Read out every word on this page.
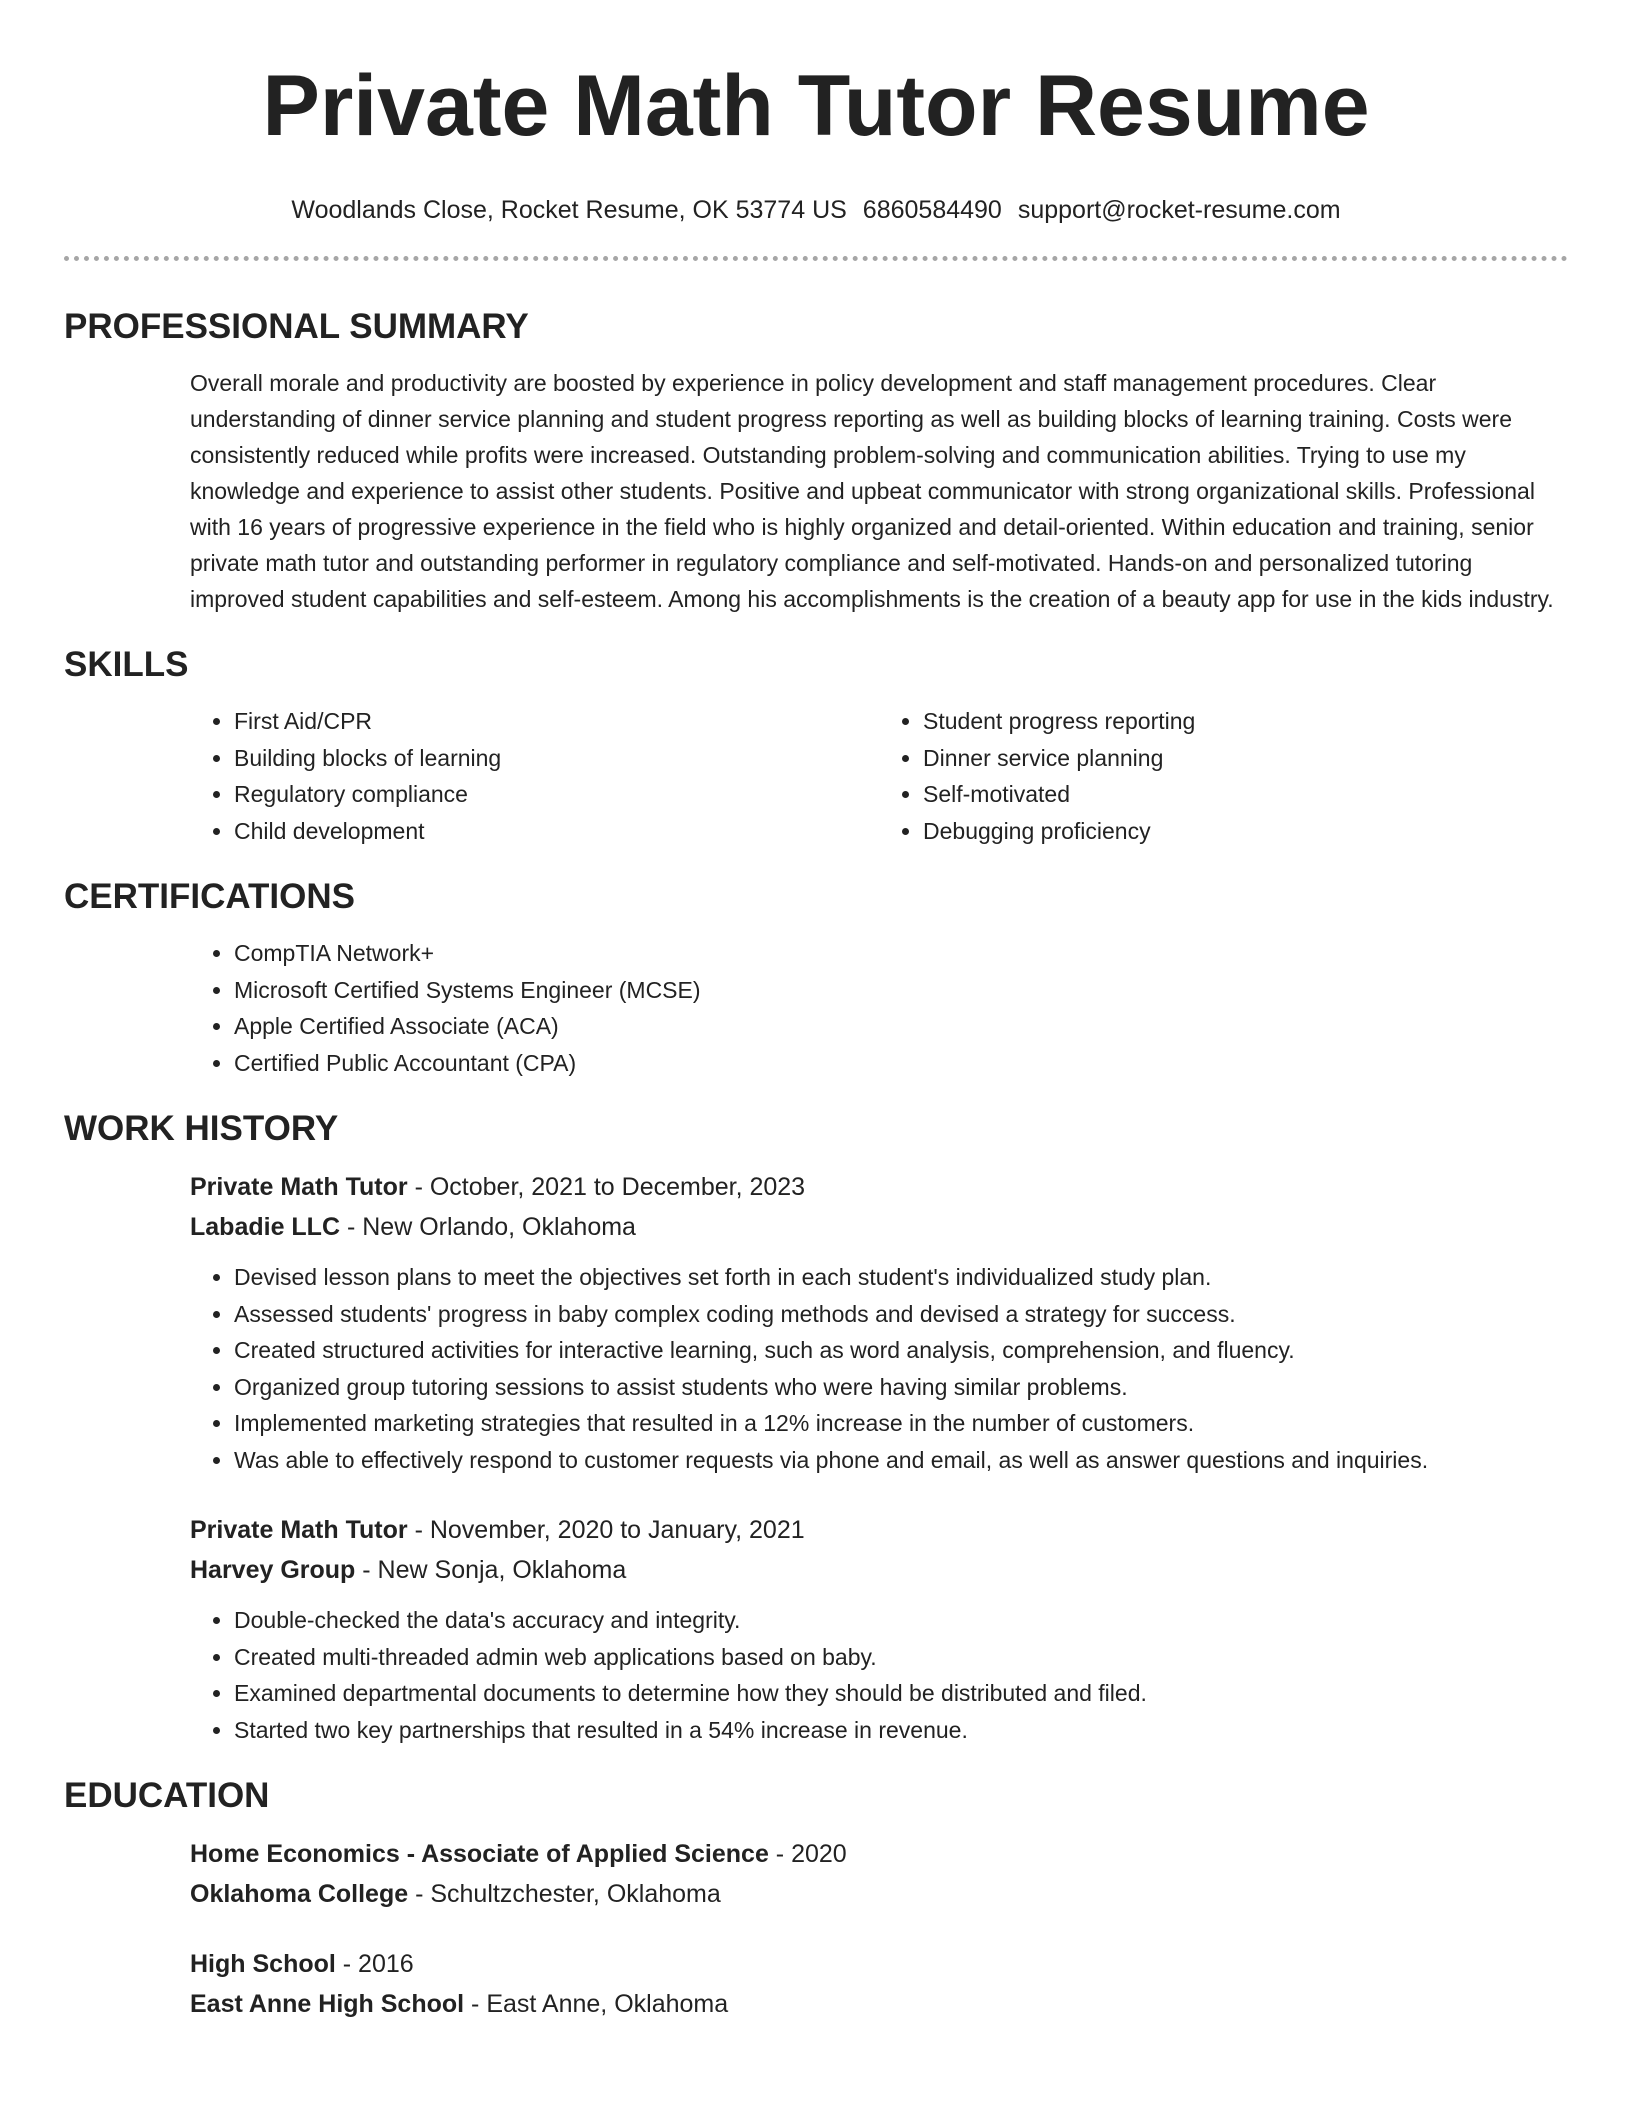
Private Math Tutor Resume
Woodlands Close, Rocket Resume, OK 53774 US 6860584490 support@rocket-resume.com
PROFESSIONAL SUMMARY

Overall morale and productivity are boosted by experience in policy development and staff management procedures. Clear understanding of dinner service planning and student progress reporting as well as building blocks of learning training. Costs were consistently reduced while profits were increased. Outstanding problem-solving and communication abilities. Trying to use my knowledge and experience to assist other students. Positive and upbeat communicator with strong organizational skills. Professional with 16 years of progressive experience in the field who is highly organized and detail-oriented. Within education and training, senior private math tutor and outstanding performer in regulatory compliance and self-motivated. Hands-on and personalized tutoring improved student capabilities and self-esteem. Among his accomplishments is the creation of a beauty app for use in the kids industry.

SKILLS
• First Aid/CPR
• Building blocks of learning
• Regulatory compliance
• Child development
• Student progress reporting
• Dinner service planning
• Self-motivated
• Debugging proficiency
CERTIFICATIONS
• CompTIA Network+
• Microsoft Certified Systems Engineer (MCSE)
• Apple Certified Associate (ACA)
• Certified Public Accountant (CPA)
WORK HISTORY
Private Math Tutor - October, 2021 to December, 2023
Labadie LLC - New Orlando, Oklahoma
• Devised lesson plans to meet the objectives set forth in each student's individualized study plan.
• Assessed students' progress in baby complex coding methods and devised a strategy for success.
• Created structured activities for interactive learning, such as word analysis, comprehension, and fluency.
• Organized group tutoring sessions to assist students who were having similar problems.
• Implemented marketing strategies that resulted in a 12% increase in the number of customers.
• Was able to effectively respond to customer requests via phone and email, as well as answer questions and inquiries.
Private Math Tutor - November, 2020 to January, 2021
Harvey Group - New Sonja, Oklahoma
• Double-checked the data's accuracy and integrity.
• Created multi-threaded admin web applications based on baby.
• Examined departmental documents to determine how they should be distributed and filed.
• Started two key partnerships that resulted in a 54% increase in revenue.
EDUCATION
Home Economics - Associate of Applied Science - 2020
Oklahoma College - Schultzchester, Oklahoma
High School - 2016
East Anne High School - East Anne, Oklahoma
